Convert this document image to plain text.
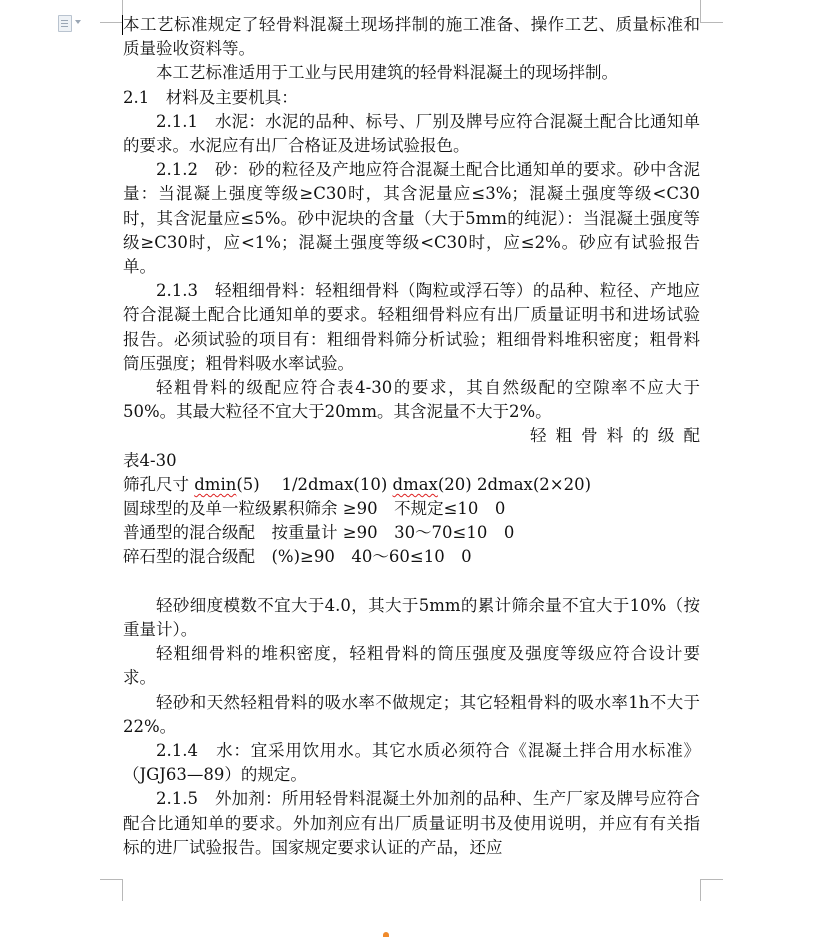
本工艺标准规定了轻骨料混凝土现场拌制的施工准备、操作工艺、质量标准和质量验收资料等。

本工艺标准适用于工业与民用建筑的轻骨料混凝土的现场拌制。

2.1　材料及主要机具：

2.1.1　水泥：水泥的品种、标号、厂别及牌号应符合混凝土配合比通知单的要求。水泥应有出厂合格证及进场试验报色。

2.1.2　砂：砂的粒径及产地应符合混凝土配合比通知单的要求。砂中含泥量：当混凝上强度等级≥C30时，其含泥量应≤3%；混凝土强度等级<C30时，其含泥量应≤5%。砂中泥块的含量（大于5mm的纯泥）：当混凝土强度等级≥C30时，应<1%；混凝土强度等级<C30时，应≤2%。砂应有试验报告单。

2.1.3　轻粗细骨料：轻粗细骨料（陶粒或浮石等）的品种、粒径、产地应符合混凝土配合比通知单的要求。轻粗细骨料应有出厂质量证明书和进场试验报告。必须试验的项目有：粗细骨料筛分析试验；粗细骨料堆积密度；粗骨料筒压强度；粗骨料吸水率试验。

轻粗骨料的级配应符合表4-30的要求，其自然级配的空隙率不应大于50%。其最大粒径不宜大于20mm。其含泥量不大于2%。

轻粗骨料的级配

表4-30

筛孔尺寸 dmin(5)　 1/2dmax(10) dmax(20) 2dmax(2×20)

圆球型的及单一粒级累积筛余 ≥90　不规定≤10　0

普通型的混合级配　按重量计 ≥90　30～70≤10　0

碎石型的混合级配　(%)≥90　40～60≤10　0

轻砂细度模数不宜大于4.0，其大于5mm的累计筛余量不宜大于10%（按重量计）。

轻粗细骨料的堆积密度，轻粗骨料的筒压强度及强度等级应符合设计要求。

轻砂和天然轻粗骨料的吸水率不做规定；其它轻粗骨料的吸水率1h不大于22%。

2.1.4　水：宜采用饮用水。其它水质必须符合《混凝土拌合用水标准》（JGJ63—89）的规定。

2.1.5　外加剂：所用轻骨料混凝土外加剂的品种、生产厂家及牌号应符合配合比通知单的要求。外加剂应有出厂质量证明书及使用说明，并应有有关指标的进厂试验报告。国家规定要求认证的产品，还应
